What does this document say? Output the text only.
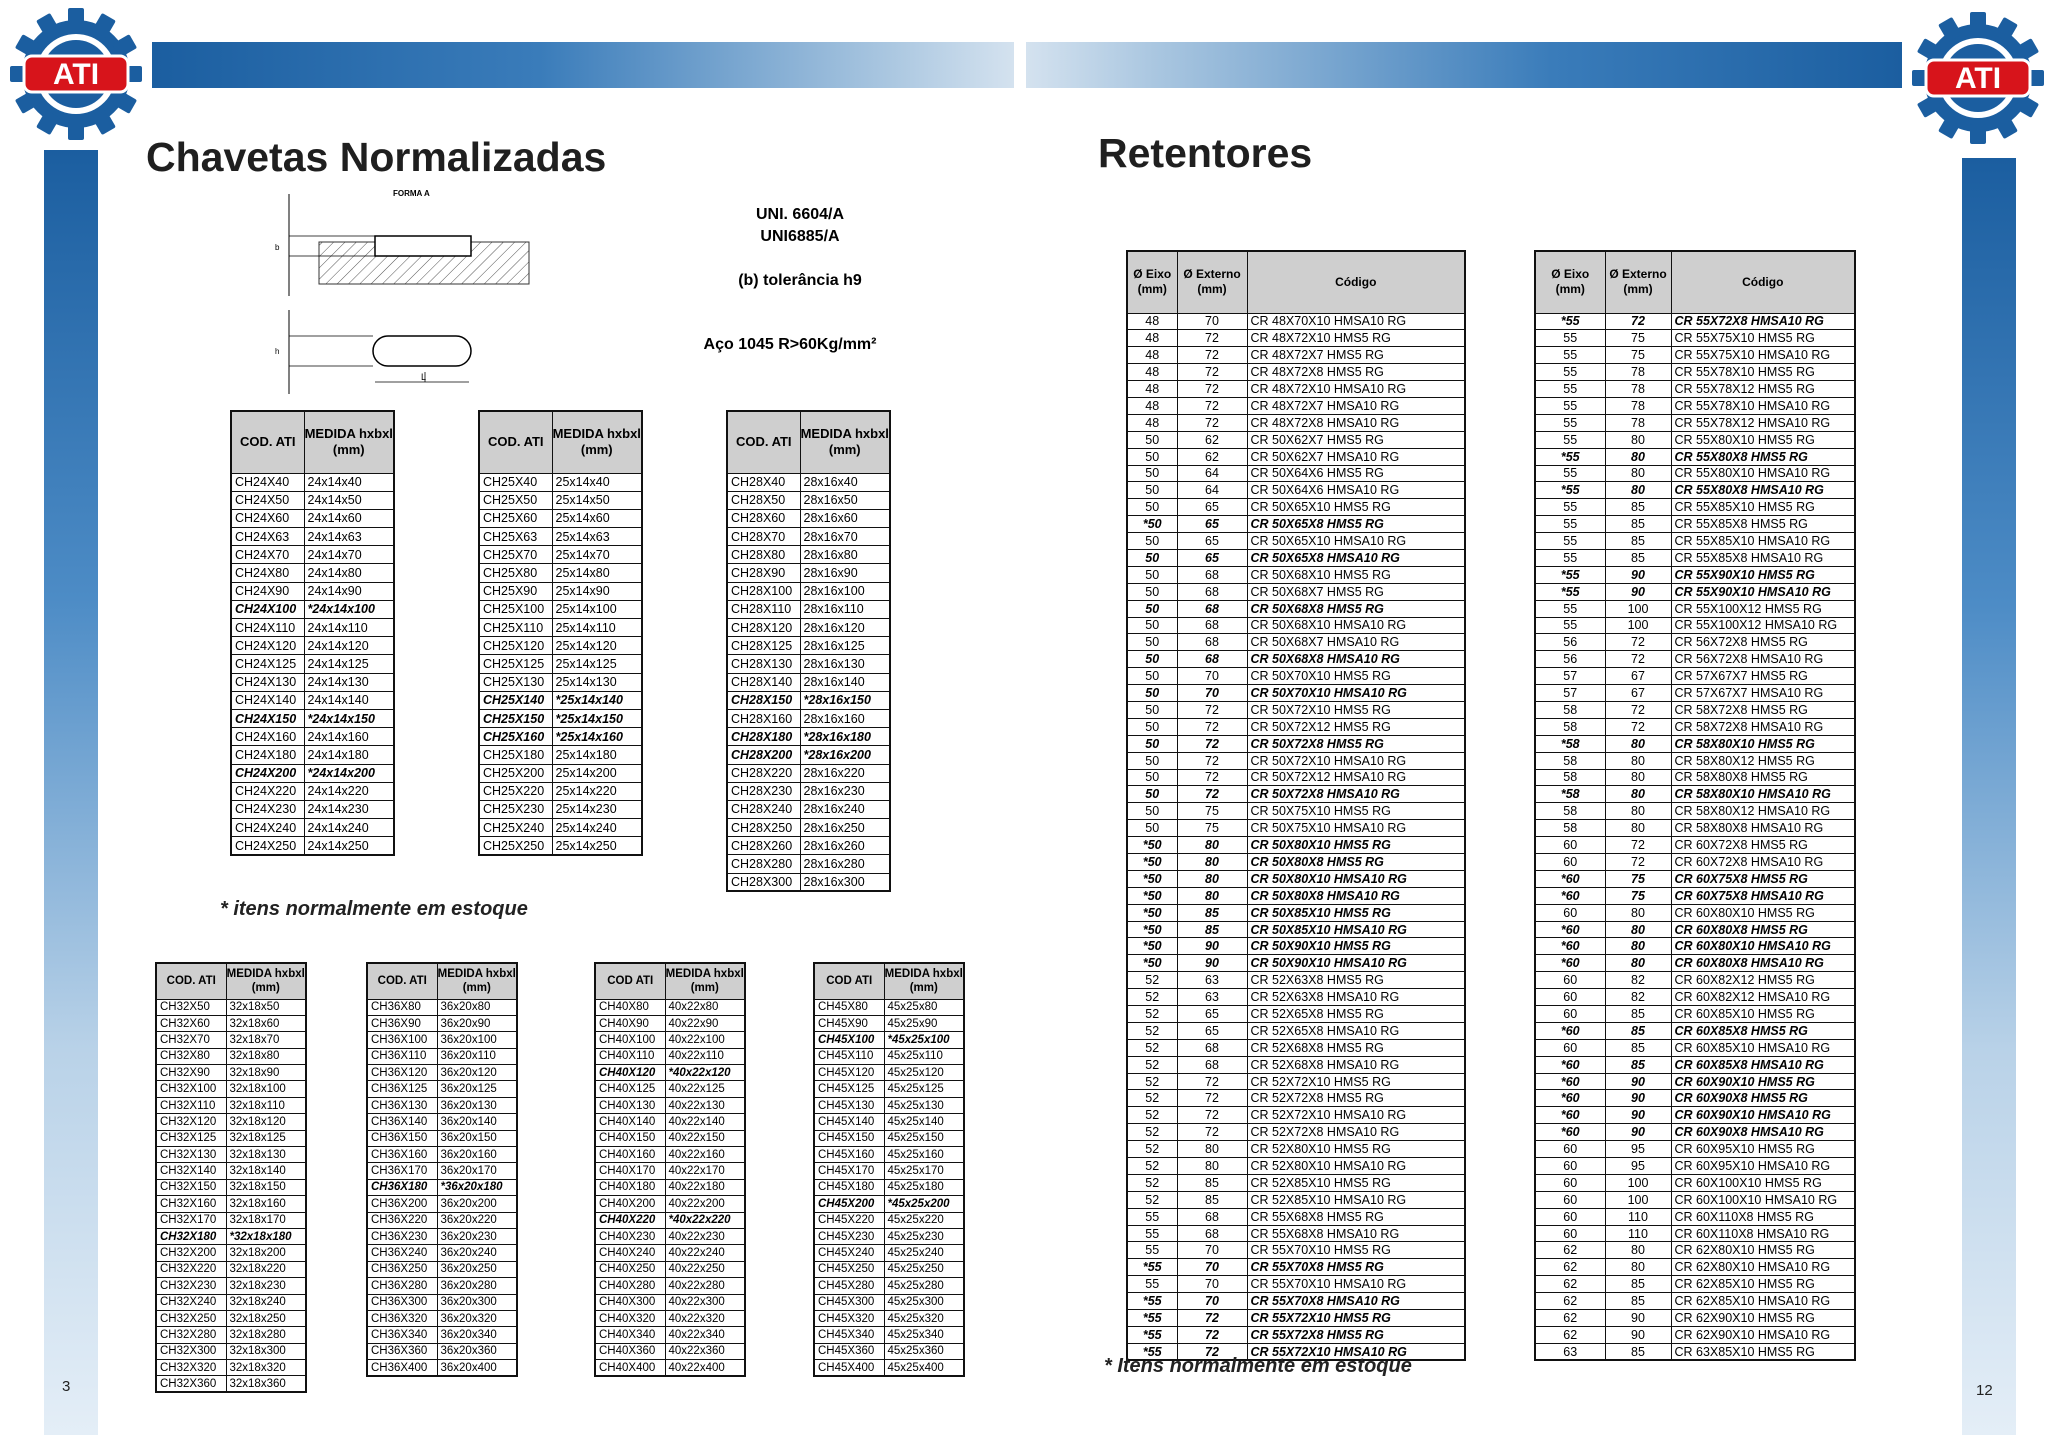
ATI	ATI
Chavetas Normalizadas	Retentores
FORMA A
b
h
L
UNI. 6604/A
UNI6885/A
(b) tolerância h9
Aço 1045 R>60Kg/mm²
COD. ATI	MEDIDA hxbxl (mm)
CH24X40	24x14x40
CH24X50	24x14x50
CH24X60	24x14x60
CH24X63	24x14x63
CH24X70	24x14x70
CH24X80	24x14x80
CH24X90	24x14x90
CH24X100	*24x14x100
CH24X110	24x14x110
CH24X120	24x14x120
CH24X125	24x14x125
CH24X130	24x14x130
CH24X140	24x14x140
CH24X150	*24x14x150
CH24X160	24x14x160
CH24X180	24x14x180
CH24X200	*24x14x200
CH24X220	24x14x220
CH24X230	24x14x230
CH24X240	24x14x240
CH24X250	24x14x250
COD. ATI	MEDIDA hxbxl (mm)
CH25X40	25x14x40
CH25X50	25x14x50
CH25X60	25x14x60
CH25X63	25x14x63
CH25X70	25x14x70
CH25X80	25x14x80
CH25X90	25x14x90
CH25X100	25x14x100
CH25X110	25x14x110
CH25X120	25x14x120
CH25X125	25x14x125
CH25X130	25x14x130
CH25X140	*25x14x140
CH25X150	*25x14x150
CH25X160	*25x14x160
CH25X180	25x14x180
CH25X200	25x14x200
CH25X220	25x14x220
CH25X230	25x14x230
CH25X240	25x14x240
CH25X250	25x14x250
COD. ATI	MEDIDA hxbxl (mm)
CH28X40	28x16x40
CH28X50	28x16x50
CH28X60	28x16x60
CH28X70	28x16x70
CH28X80	28x16x80
CH28X90	28x16x90
CH28X100	28x16x100
CH28X110	28x16x110
CH28X120	28x16x120
CH28X125	28x16x125
CH28X130	28x16x130
CH28X140	28x16x140
CH28X150	*28x16x150
CH28X160	28x16x160
CH28X180	*28x16x180
CH28X200	*28x16x200
CH28X220	28x16x220
CH28X230	28x16x230
CH28X240	28x16x240
CH28X250	28x16x250
CH28X260	28x16x260
CH28X280	28x16x280
CH28X300	28x16x300
* itens normalmente em estoque
COD. ATI	MEDIDA hxbxl (mm)
CH32X50	32x18x50
CH32X60	32x18x60
CH32X70	32x18x70
CH32X80	32x18x80
CH32X90	32x18x90
CH32X100	32x18x100
CH32X110	32x18x110
CH32X120	32x18x120
CH32X125	32x18x125
CH32X130	32x18x130
CH32X140	32x18x140
CH32X150	32x18x150
CH32X160	32x18x160
CH32X170	32x18x170
CH32X180	*32x18x180
CH32X200	32x18x200
CH32X220	32x18x220
CH32X230	32x18x230
CH32X240	32x18x240
CH32X250	32x18x250
CH32X280	32x18x280
CH32X300	32x18x300
CH32X320	32x18x320
CH32X360	32x18x360
COD. ATI	MEDIDA hxbxl (mm)
CH36X80	36x20x80
CH36X90	36x20x90
CH36X100	36x20x100
CH36X110	36x20x110
CH36X120	36x20x120
CH36X125	36x20x125
CH36X130	36x20x130
CH36X140	36x20x140
CH36X150	36x20x150
CH36X160	36x20x160
CH36X170	36x20x170
CH36X180	*36x20x180
CH36X200	36x20x200
CH36X220	36x20x220
CH36X230	36x20x230
CH36X240	36x20x240
CH36X250	36x20x250
CH36X280	36x20x280
CH36X300	36x20x300
CH36X320	36x20x320
CH36X340	36x20x340
CH36X360	36x20x360
CH36X400	36x20x400
COD ATI	MEDIDA hxbxl (mm)
CH40X80	40x22x80
CH40X90	40x22x90
CH40X100	40x22x100
CH40X110	40x22x110
CH40X120	*40x22x120
CH40X125	40x22x125
CH40X130	40x22x130
CH40X140	40x22x140
CH40X150	40x22x150
CH40X160	40x22x160
CH40X170	40x22x170
CH40X180	40x22x180
CH40X200	40x22x200
CH40X220	*40x22x220
CH40X230	40x22x230
CH40X240	40x22x240
CH40X250	40x22x250
CH40X280	40x22x280
CH40X300	40x22x300
CH40X320	40x22x320
CH40X340	40x22x340
CH40X360	40x22x360
CH40X400	40x22x400
COD ATI	MEDIDA hxbxl (mm)
CH45X80	45x25x80
CH45X90	45x25x90
CH45X100	*45x25x100
CH45X110	45x25x110
CH45X120	45x25x120
CH45X125	45x25x125
CH45X130	45x25x130
CH45X140	45x25x140
CH45X150	45x25x150
CH45X160	45x25x160
CH45X170	45x25x170
CH45X180	45x25x180
CH45X200	*45x25x200
CH45X220	45x25x220
CH45X230	45x25x230
CH45X240	45x25x240
CH45X250	45x25x250
CH45X280	45x25x280
CH45X300	45x25x300
CH45X320	45x25x320
CH45X340	45x25x340
CH45X360	45x25x360
CH45X400	45x25x400
Ø Eixo (mm)	Ø Externo (mm)	Código
48	70	CR 48X70X10 HMSA10 RG
48	72	CR 48X72X10 HMS5 RG
48	72	CR 48X72X7 HMS5 RG
48	72	CR 48X72X8 HMS5 RG
48	72	CR 48X72X10 HMSA10 RG
48	72	CR 48X72X7 HMSA10 RG
48	72	CR 48X72X8 HMSA10 RG
50	62	CR 50X62X7 HMS5 RG
50	62	CR 50X62X7 HMSA10 RG
50	64	CR 50X64X6 HMS5 RG
50	64	CR 50X64X6 HMSA10 RG
50	65	CR 50X65X10 HMS5 RG
*50	65	CR 50X65X8 HMS5 RG
50	65	CR 50X65X10 HMSA10 RG
50	65	CR 50X65X8 HMSA10 RG
50	68	CR 50X68X10 HMS5 RG
50	68	CR 50X68X7 HMS5 RG
50	68	CR 50X68X8 HMS5 RG
50	68	CR 50X68X10 HMSA10 RG
50	68	CR 50X68X7 HMSA10 RG
50	68	CR 50X68X8 HMSA10 RG
50	70	CR 50X70X10 HMS5 RG
50	70	CR 50X70X10 HMSA10 RG
50	72	CR 50X72X10 HMS5 RG
50	72	CR 50X72X12 HMS5 RG
50	72	CR 50X72X8 HMS5 RG
50	72	CR 50X72X10 HMSA10 RG
50	72	CR 50X72X12 HMSA10 RG
50	72	CR 50X72X8 HMSA10 RG
50	75	CR 50X75X10 HMS5 RG
50	75	CR 50X75X10 HMSA10 RG
*50	80	CR 50X80X10 HMS5 RG
*50	80	CR 50X80X8 HMS5 RG
*50	80	CR 50X80X10 HMSA10 RG
*50	80	CR 50X80X8 HMSA10 RG
*50	85	CR 50X85X10 HMS5 RG
*50	85	CR 50X85X10 HMSA10 RG
*50	90	CR 50X90X10 HMS5 RG
*50	90	CR 50X90X10 HMSA10 RG
52	63	CR 52X63X8 HMS5 RG
52	63	CR 52X63X8 HMSA10 RG
52	65	CR 52X65X8 HMS5 RG
52	65	CR 52X65X8 HMSA10 RG
52	68	CR 52X68X8 HMS5 RG
52	68	CR 52X68X8 HMSA10 RG
52	72	CR 52X72X10 HMS5 RG
52	72	CR 52X72X8 HMS5 RG
52	72	CR 52X72X10 HMSA10 RG
52	72	CR 52X72X8 HMSA10 RG
52	80	CR 52X80X10 HMS5 RG
52	80	CR 52X80X10 HMSA10 RG
52	85	CR 52X85X10 HMS5 RG
52	85	CR 52X85X10 HMSA10 RG
55	68	CR 55X68X8 HMS5 RG
55	68	CR 55X68X8 HMSA10 RG
55	70	CR 55X70X10 HMS5 RG
*55	70	CR 55X70X8 HMS5 RG
55	70	CR 55X70X10 HMSA10 RG
*55	70	CR 55X70X8 HMSA10 RG
*55	72	CR 55X72X10 HMS5 RG
*55	72	CR 55X72X8 HMS5 RG
*55	72	CR 55X72X10 HMSA10 RG
Ø Eixo (mm)	Ø Externo (mm)	Código
*55	72	CR 55X72X8 HMSA10 RG
55	75	CR 55X75X10 HMS5 RG
55	75	CR 55X75X10 HMSA10 RG
55	78	CR 55X78X10 HMS5 RG
55	78	CR 55X78X12 HMS5 RG
55	78	CR 55X78X10 HMSA10 RG
55	78	CR 55X78X12 HMSA10 RG
55	80	CR 55X80X10 HMS5 RG
*55	80	CR 55X80X8 HMS5 RG
55	80	CR 55X80X10 HMSA10 RG
*55	80	CR 55X80X8 HMSA10 RG
55	85	CR 55X85X10 HMS5 RG
55	85	CR 55X85X8 HMS5 RG
55	85	CR 55X85X10 HMSA10 RG
55	85	CR 55X85X8 HMSA10 RG
*55	90	CR 55X90X10 HMS5 RG
*55	90	CR 55X90X10 HMSA10 RG
55	100	CR 55X100X12 HMS5 RG
55	100	CR 55X100X12 HMSA10 RG
56	72	CR 56X72X8 HMS5 RG
56	72	CR 56X72X8 HMSA10 RG
57	67	CR 57X67X7 HMS5 RG
57	67	CR 57X67X7 HMSA10 RG
58	72	CR 58X72X8 HMS5 RG
58	72	CR 58X72X8 HMSA10 RG
*58	80	CR 58X80X10 HMS5 RG
58	80	CR 58X80X12 HMS5 RG
58	80	CR 58X80X8 HMS5 RG
*58	80	CR 58X80X10 HMSA10 RG
58	80	CR 58X80X12 HMSA10 RG
58	80	CR 58X80X8 HMSA10 RG
60	72	CR 60X72X8 HMS5 RG
60	72	CR 60X72X8 HMSA10 RG
*60	75	CR 60X75X8 HMS5 RG
*60	75	CR 60X75X8 HMSA10 RG
60	80	CR 60X80X10 HMS5 RG
*60	80	CR 60X80X8 HMS5 RG
*60	80	CR 60X80X10 HMSA10 RG
*60	80	CR 60X80X8 HMSA10 RG
60	82	CR 60X82X12 HMS5 RG
60	82	CR 60X82X12 HMSA10 RG
60	85	CR 60X85X10 HMS5 RG
*60	85	CR 60X85X8 HMS5 RG
60	85	CR 60X85X10 HMSA10 RG
*60	85	CR 60X85X8 HMSA10 RG
*60	90	CR 60X90X10 HMS5 RG
*60	90	CR 60X90X8 HMS5 RG
*60	90	CR 60X90X10 HMSA10 RG
*60	90	CR 60X90X8 HMSA10 RG
60	95	CR 60X95X10 HMS5 RG
60	95	CR 60X95X10 HMSA10 RG
60	100	CR 60X100X10 HMS5 RG
60	100	CR 60X100X10 HMSA10 RG
60	110	CR 60X110X8 HMS5 RG
60	110	CR 60X110X8 HMSA10 RG
62	80	CR 62X80X10 HMS5 RG
62	80	CR 62X80X10 HMSA10 RG
62	85	CR 62X85X10 HMS5 RG
62	85	CR 62X85X10 HMSA10 RG
62	90	CR 62X90X10 HMS5 RG
62	90	CR 62X90X10 HMSA10 RG
63	85	CR 63X85X10 HMS5 RG
* Itens normalmente em estoque
3	12
